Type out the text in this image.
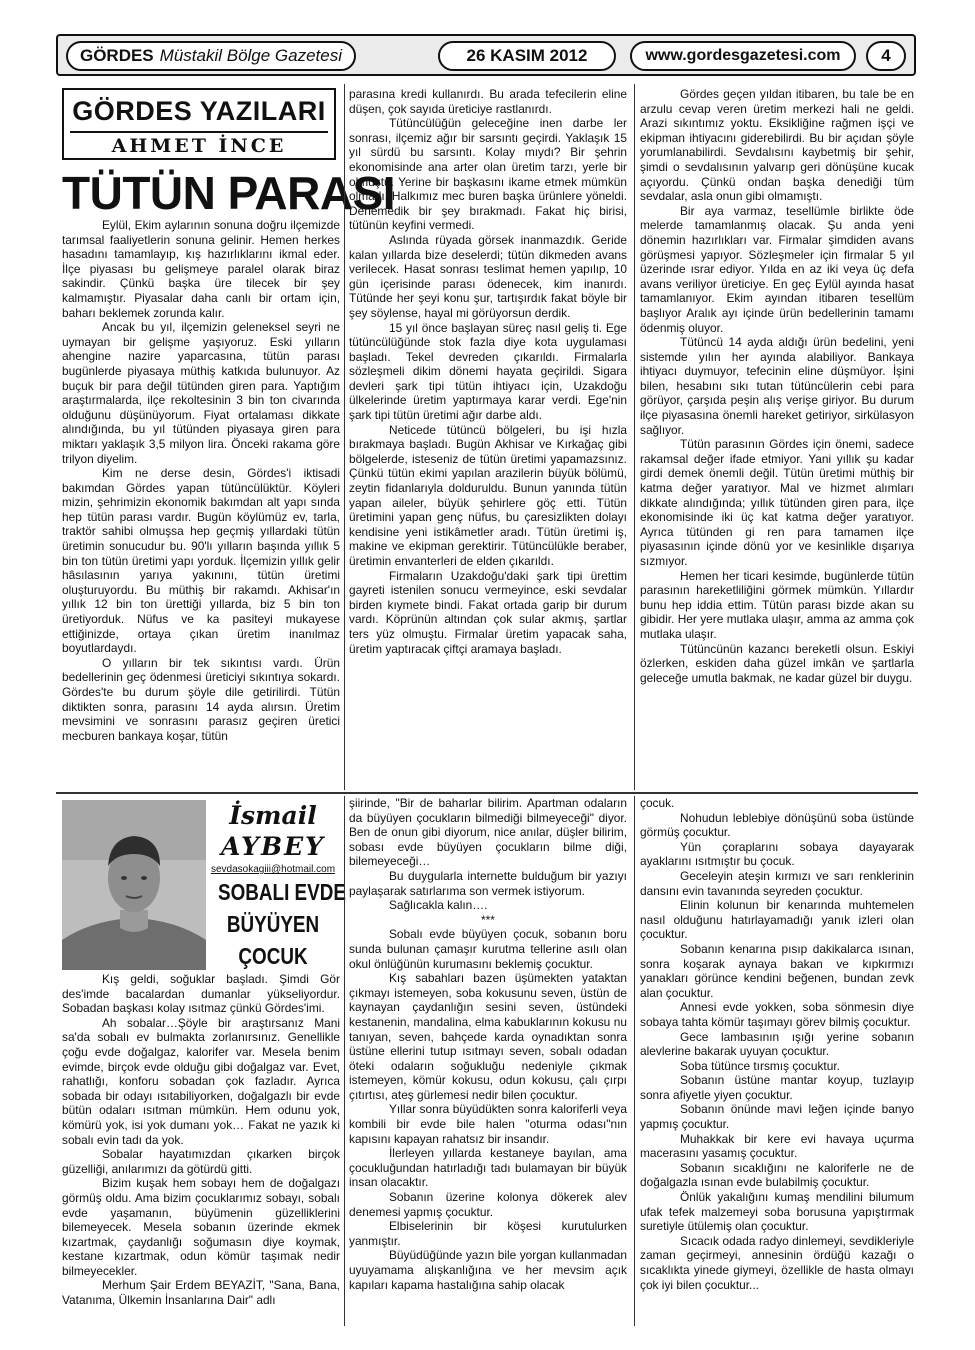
GÖRDES Müstakil Bölge Gazetesi	26 KASIM 2012	www.gordesgazetesi.com	4
GÖRDES YAZILARI
AHMET İNCE
TÜTÜN PARASI

Eylül, Ekim aylarının sonuna doğru ilçemizde tarımsal faaliyetlerin sonuna gelinir. Hemen herkes hasadını tamamlayıp, kış hazırlıklarını ikmal eder. İlçe piyasası bu gelişmeye paralel olarak biraz sakindir. Çünkü başka üre tilecek bir şey kalmamıştır. Piyasalar daha canlı bir ortam için, baharı beklemek zorunda kalır.

Ancak bu yıl, ilçemizin geleneksel seyri ne uymayan bir gelişme yaşıyoruz. Eski yılların ahengine nazire yaparcasına, tütün parası bugünlerde piyasaya müthiş katkıda bulunuyor. Az buçuk bir para değil tütünden giren para. Yaptığım araştırmalarda, ilçe rekoltesinin 3 bin ton civarında olduğunu düşünüyorum. Fiyat ortalaması dikkate alındığında, bu yıl tütünden piyasaya giren para miktarı yaklaşık 3,5 milyon lira. Önceki rakama göre trilyon diyelim.

Kim ne derse desin, Gördes'i iktisadi bakımdan Gördes yapan tütüncülüktür. Köyleri mizin, şehrimizin ekonomik bakımdan alt yapı sında hep tütün parası vardır. Bugün köylümüz ev, tarla, traktör sahibi olmuşsa hep geçmiş yıllardaki tütün üretimin sonucudur bu. 90'lı yılların başında yıllık 5 bin ton tütün üretimi yapı yorduk. İlçemizin yıllık gelir hâsılasının yarıya yakınını, tütün üretimi oluşturuyordu. Bu müthiş bir rakamdı. Akhisar'ın yıllık 12 bin ton ürettiği yıllarda, biz 5 bin ton üretiyorduk. Nüfus ve ka pasiteyi mukayese ettiğinizde, ortaya çıkan üretim inanılmaz boyutlardaydı.

O yılların bir tek sıkıntısı vardı. Ürün bedellerinin geç ödenmesi üreticiyi sıkıntıya sokardı. Gördes'te bu durum şöyle dile getirilirdi. Tütün diktikten sonra, parasını 14 ayda alırsın. Üretim mevsimini ve sonrasını parasız geçiren üretici mecburen bankaya koşar, tütün

parasına kredi kullanırdı. Bu arada tefecilerin eline düşen, çok sayıda üreticiye rastlanırdı.

Tütüncülüğün geleceğine inen darbe ler sonrası, ilçemiz ağır bir sarsıntı geçirdi. Yaklaşık 15 yıl sürdü bu sarsıntı. Kolay mıydı? Bir şehrin ekonomisinde ana arter olan üretim tarzı, yerle bir olmuştu. Yerine bir başkasını ikame etmek mümkün olmadı. Halkımız mec buren başka ürünlere yöneldi. Denemedik bir şey bırakmadı. Fakat hiç birisi, tütünün keyfini vermedi.

Aslında rüyada görsek inanmazdık. Geride kalan yıllarda bize deselerdi; tütün dikmeden avans verilecek. Hasat sonrası teslimat hemen yapılıp, 10 gün içerisinde parası ödenecek, kim inanırdı. Tütünde her şeyi konu şur, tartışırdık fakat böyle bir şey söylense, hayal mi görüyorsun derdik.

15 yıl önce başlayan süreç nasıl geliş ti. Ege tütüncülüğünde stok fazla diye kota uygulaması başladı. Tekel devreden çıkarıldı. Firmalarla sözleşmeli dikim dönemi hayata geçirildi. Sigara devleri şark tipi tütün ihtiyacı için, Uzakdoğu ülkelerinde üretim yaptırmaya karar verdi. Ege'nin şark tipi tütün üretimi ağır darbe aldı.

Neticede tütüncü bölgeleri, bu işi hızla bırakmaya başladı. Bugün Akhisar ve Kırkağaç gibi bölgelerde, isteseniz de tütün üretimi yapamazsınız. Çünkü tütün ekimi yapılan arazilerin büyük bölümü, zeytin fidanlarıyla dolduruldu. Bunun yanında tütün yapan aileler, büyük şehirlere göç etti. Tütün üretimini yapan genç nüfus, bu çaresizlikten dolayı kendisine yeni istikâmetler aradı. Tütün üretimi iş, makine ve ekipman gerektirir. Tütüncülükle beraber, üretimin envanterleri de elden çıkarıldı.

Firmaların Uzakdoğu'daki şark tipi ürettim gayreti istenilen sonucu vermeyince, eski sevdalar birden kıymete bindi. Fakat ortada garip bir durum vardı. Köprünün altından çok sular akmış, şartlar ters yüz olmuştu. Firmalar üretim yapacak saha, üretim yaptıracak çiftçi aramaya başladı.

Gördes geçen yıldan itibaren, bu tale be en arzulu cevap veren üretim merkezi hali ne geldi. Arazi sıkıntımız yoktu. Eksikliğine rağmen işçi ve ekipman ihtiyacını giderebilirdi. Bu bir açıdan şöyle yorumlanabilirdi. Sevdalısını kaybetmiş bir şehir, şimdi o sevdalısının yalvarıp geri dönüşüne kucak açıyordu. Çünkü ondan başka denediği tüm sevdalar, asla onun gibi olmamıştı.

Bir aya varmaz, tesellümle birlikte öde melerde tamamlanmış olacak. Şu anda yeni dönemin hazırlıkları var. Firmalar şimdiden avans görüşmesi yapıyor. Sözleşmeler için firmalar 5 yıl üzerinde ısrar ediyor. Yılda en az iki veya üç defa avans veriliyor üreticiye. En geç Eylül ayında hasat tamamlanıyor. Ekim ayından itibaren tesellüm başlıyor Aralık ayı içinde ürün bedellerinin tamamı ödenmiş oluyor.

Tütüncü 14 ayda aldığı ürün bedelini, yeni sistemde yılın her ayında alabiliyor. Bankaya ihtiyacı duymuyor, tefecinin eline düşmüyor. İşini bilen, hesabını sıkı tutan tütüncülerin cebi para görüyor, çarşıda peşin alış verişe giriyor. Bu durum ilçe piyasasına önemli hareket getiriyor, sirkülasyon sağlıyor.

Tütün parasının Gördes için önemi, sadece rakamsal değer ifade etmiyor. Yani yıllık şu kadar girdi demek önemli değil. Tütün üretimi müthiş bir katma değer yaratıyor. Mal ve hizmet alımları dikkate alındığında; yıllık tütünden giren para, ilçe ekonomisinde iki üç kat katma değer yaratıyor. Ayrıca tütünden gi ren para tamamen ilçe piyasasının içinde dönü yor ve kesinlikle dışarıya sızmıyor.

Hemen her ticari kesimde, bugünlerde tütün parasının hareketliliğini görmek mümkün. Yıllardır bunu hep iddia ettim. Tütün parası bizde akan su gibidir. Her yere mutlaka ulaşır, amma az amma çok mutlaka ulaşır.

Tütüncünün kazancı bereketli olsun. Eskiyi özlerken, eskiden daha güzel imkân ve şartlarla geleceğe umutla bakmak, ne kadar güzel bir duygu.

İsmail
AYBEY
sevdasokagiii@hotmail.com
SOBALI EVDE
BÜYÜYEN
ÇOCUK

Kış geldi, soğuklar başladı. Şimdi Gör des'imde bacalardan dumanlar yükseliyordur. Sobadan başkası kolay ısıtmaz çünkü Gördes'imi.

Ah sobalar…Şöyle bir araştırsanız Mani sa'da sobalı ev bulmakta zorlanırsınız. Genellikle çoğu evde doğalgaz, kalorifer var. Mesela benim evimde, birçok evde olduğu gibi doğalgaz var. Evet, rahatlığı, konforu sobadan çok fazladır. Ayrıca sobada bir odayı ısıtabiliyorken, doğalgazlı bir evde bütün odaları ısıtman mümkün. Hem odunu yok, kömürü yok, isi yok dumanı yok… Fakat ne yazık ki sobalı evin tadı da yok.

Sobalar hayatımızdan çıkarken birçok güzelliği, anılarımızı da götürdü gitti.

Bizim kuşak hem sobayı hem de doğalgazı görmüş oldu. Ama bizim çocuklarımız sobayı, sobalı evde yaşamanın, büyümenin güzelliklerini bilemeyecek. Mesela sobanın üzerinde ekmek kızartmak, çaydanlığı soğumasın diye koymak, kestane kızartmak, odun kömür taşımak nedir bilmeyecekler.

Merhum Şair Erdem BEYAZİT, "Sana, Bana, Vatanıma, Ülkemin İnsanlarına Dair" adlı

şiirinde, "Bir de baharlar bilirim. Apartman odaların da büyüyen çocukların bilmediği bilmeyeceği" diyor. Ben de onun gibi diyorum, nice anılar, düşler bilirim, sobası evde büyüyen çocukların bilme diği, bilemeyeceği…

Bu duygularla internette bulduğum bir yazıyı paylaşarak satırlarıma son vermek istiyorum.

Sağlıcakla kalın….

***

Sobalı evde büyüyen çocuk, sobanın boru sunda bulunan çamaşır kurutma tellerine asılı olan okul önlüğünün kurumasını beklemiş çocuktur.

Kış sabahları bazen üşümekten yataktan çıkmayı istemeyen, soba kokusunu seven, üstün de kaynayan çaydanlığın sesini seven, üstündeki kestanenin, mandalina, elma kabuklarının kokusu nu tanıyan, seven, bahçede karda oynadıktan sonra üstüne ellerini tutup ısıtmayı seven, sobalı odadan öteki odaların soğukluğu nedeniyle çıkmak istemeyen, kömür kokusu, odun kokusu, çalı çırpı çıtırtısı, ateş gürlemesi nedir bilen çocuktur.

Yıllar sonra büyüdükten sonra kaloriferli veya kombili bir evde bile halen "oturma odası"nın kapısını kapayan rahatsız bir insandır.

İlerleyen yıllarda kestaneye bayılan, ama çocukluğundan hatırladığı tadı bulamayan bir büyük insan olacaktır.

Sobanın üzerine kolonya dökerek alev denemesi yapmış çocuktur.

Elbiselerinin bir köşesi kurutulurken yanmıştır.

Büyüdüğünde yazın bile yorgan kullanmadan uyuyamama alışkanlığına ve her mevsim açık kapıları kapama hastalığına sahip olacak

çocuk.

Nohudun leblebiye dönüşünü soba üstünde görmüş çocuktur.

Yün çoraplarını sobaya dayayarak ayaklarını ısıtmıştır bu çocuk.

Geceleyin ateşin kırmızı ve sarı renklerinin dansını evin tavanında seyreden çocuktur.

Elinin kolunun bir kenarında muhtemelen nasıl olduğunu hatırlayamadığı yanık izleri olan çocuktur.

Sobanın kenarına pısıp dakikalarca ısınan, sonra koşarak aynaya bakan ve kıpkırmızı yanakları görünce kendini beğenen, bundan zevk alan çocuktur.

Annesi evde yokken, soba sönmesin diye sobaya tahta kömür taşımayı görev bilmiş çocuktur.

Gece lambasının ışığı yerine sobanın alevlerine bakarak uyuyan çocuktur.

Soba tütünce tırsmış çocuktur.

Sobanın üstüne mantar koyup, tuzlayıp sonra afiyetle yiyen çocuktur.

Sobanın önünde mavi leğen içinde banyo yapmış çocuktur.

Muhakkak bir kere evi havaya uçurma macerasını yasamış çocuktur.

Sobanın sıcaklığını ne kaloriferle ne de doğalgazla ısınan evde bulabilmiş çocuktur.

Önlük yakalığını kumaş mendilini bilumum ufak tefek malzemeyi soba borusuna yapıştırmak suretiyle ütülemiş olan çocuktur.

Sıcacık odada radyo dinlemeyi, sevdikleriyle zaman geçirmeyi, annesinin ördüğü kazağı o sıcaklıkta yinede giymeyi, özellikle de hasta olmayı çok iyi bilen çocuktur...
